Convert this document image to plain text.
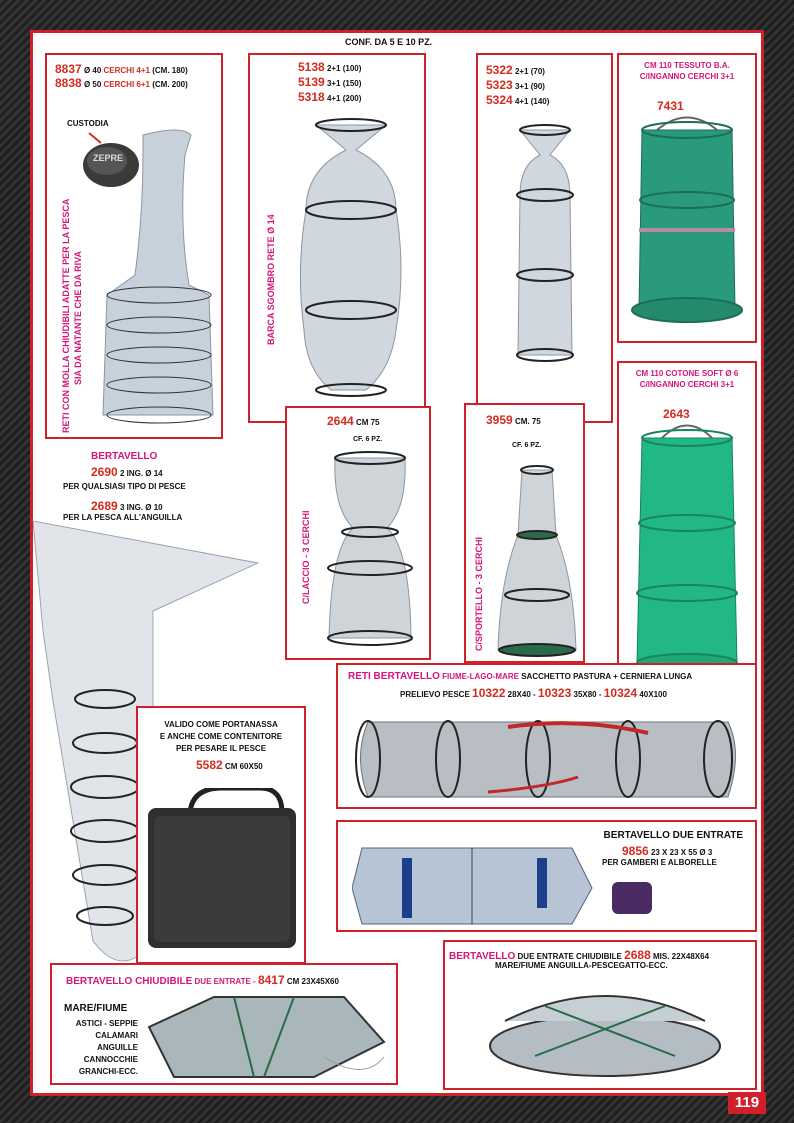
CONF. DA 5 E 10 PZ.
8837 Ø 40 CERCHI 4+1 (CM. 180)
8838 Ø 50 CERCHI 6+1 (CM. 200)
CUSTODIA
ZEPRE
RETI CON MOLLA CHIUDIBILI ADATTE PER LA PESCA SIA DA NATANTE CHE DA RIVA
5138 2+1 (100)
5139 3+1 (150)
5318 4+1 (200)
BARCA SGOMBRO RETE Ø 14
5322 2+1 (70)
5323 3+1 (90)
5324 4+1 (140)
CM 110 TESSUTO B.A.
C/INGANNO CERCHI 3+1
7431
CM 110 COTONE SOFT Ø 6
C/INGANNO CERCHI 3+1
2643
2644 CM 75
CF. 6 PZ.
C/LACCIO - 3 CERCHI
3959 CM. 75
CF. 6 PZ.
C/SPORTELLO - 3 CERCHI
BERTAVELLO
2690 2 ING. Ø 14
PER QUALSIASI TIPO DI PESCE
2689 3 ING. Ø 10
PER LA PESCA ALL'ANGUILLA
VALIDO COME PORTANASSA
E ANCHE COME CONTENITORE
PER PESARE IL PESCE
5582 CM 60X50
RETI BERTAVELLO FIUME-LAGO-MARE SACCHETTO PASTURA + CERNIERA LUNGA
PRELIEVO PESCE 10322 28X40 - 10323 35X80 - 10324 40X100
BERTAVELLO DUE ENTRATE
9856 23 X 23 X 55 Ø 3
PER GAMBERI E ALBORELLE
BERTAVELLO DUE ENTRATE CHIUDIBILE 2688 MIS. 22X48X64
MARE/FIUME ANGUILLA-PESCEGATTO-ECC.
BERTAVELLO CHIUDIBILE DUE ENTRATE - 8417 CM 23X45X60
MARE/FIUME
ASTICI - SEPPIE
CALAMARI
ANGUILLE
CANNOCCHIE
GRANCHI-ECC.
119
